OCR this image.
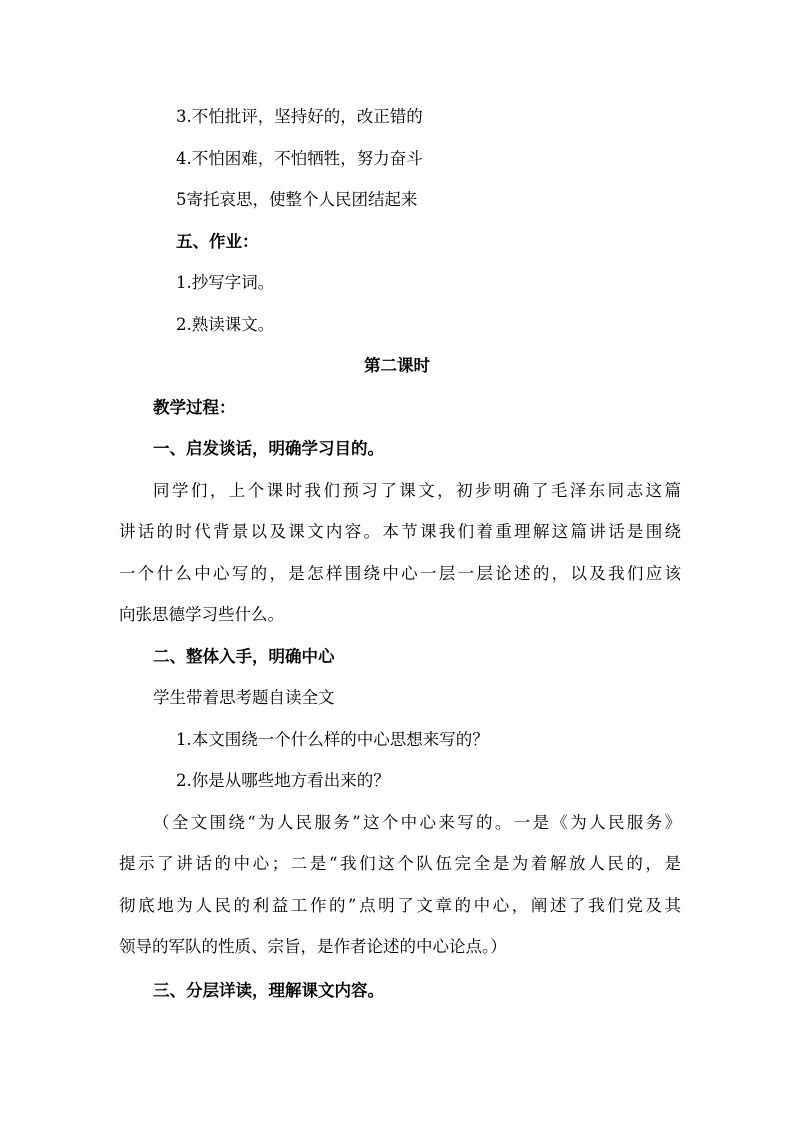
3.不怕批评，坚持好的，改正错的

4.不怕困难，不怕牺牲，努力奋斗

5寄托哀思，使整个人民团结起来

五、作业：

1.抄写字词。

2.熟读课文。

第二课时

教学过程：

一、启发谈话，明确学习目的。

同学们，上个课时我们预习了课文，初步明确了毛泽东同志这篇

讲话的时代背景以及课文内容。本节课我们着重理解这篇讲话是围绕

一个什么中心写的，是怎样围绕中心一层一层论述的，以及我们应该

向张思德学习些什么。

二、整体入手，明确中心

学生带着思考题自读全文

1.本文围绕一个什么样的中心思想来写的？

2.你是从哪些地方看出来的？

（全文围绕“为人民服务”这个中心来写的。一是《为人民服务》

提示了讲话的中心；二是“我们这个队伍完全是为着解放人民的，是

彻底地为人民的利益工作的”点明了文章的中心，阐述了我们党及其

领导的军队的性质、宗旨，是作者论述的中心论点。）

三、分层详读，理解课文内容。
